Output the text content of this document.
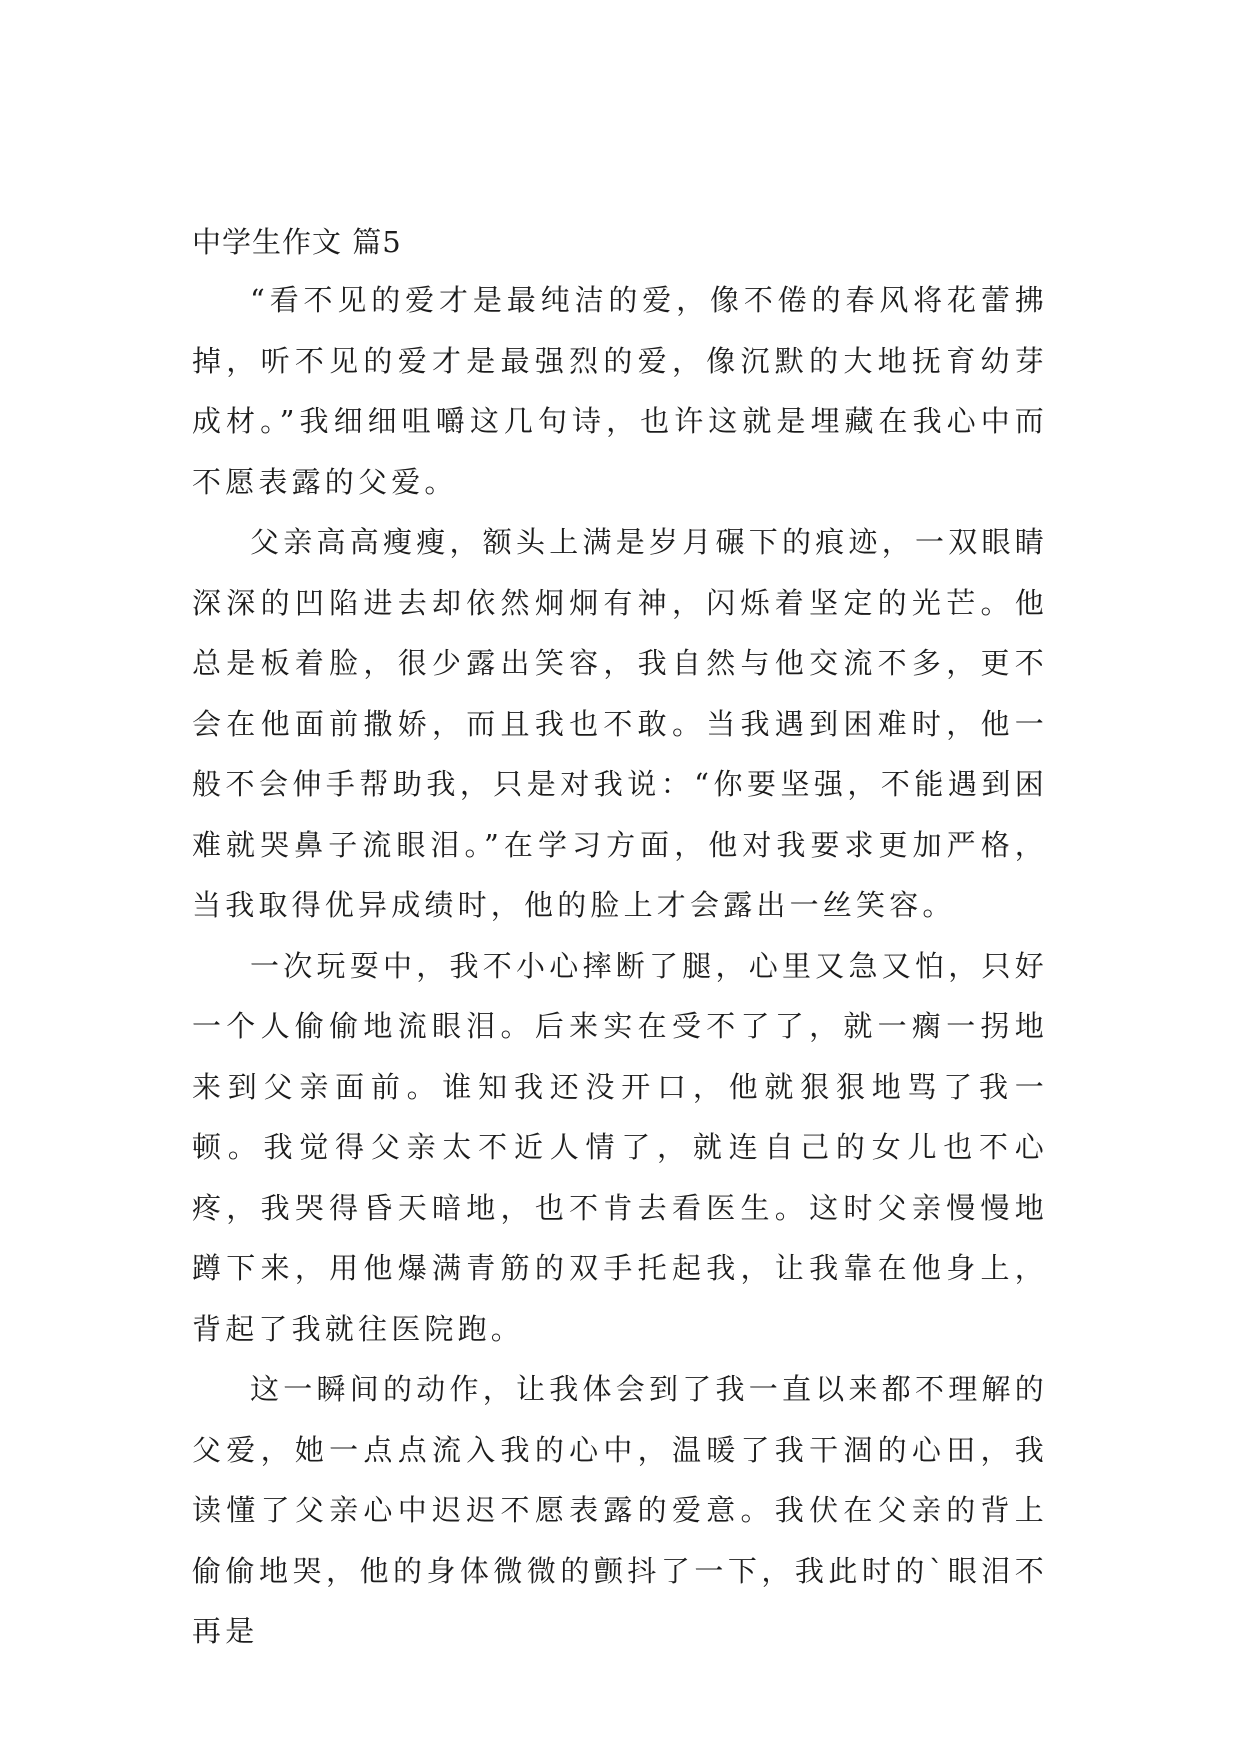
中学生作文 篇5

“看不见的爱才是最纯洁的爱，像不倦的春风将花蕾拂掉，听不见的爱才是最强烈的爱，像沉默的大地抚育幼芽成材。”我细细咀嚼这几句诗，也许这就是埋藏在我心中而不愿表露的父爱。

父亲高高瘦瘦，额头上满是岁月碾下的痕迹，一双眼睛深深的凹陷进去却依然炯炯有神，闪烁着坚定的光芒。他总是板着脸，很少露出笑容，我自然与他交流不多，更不会在他面前撒娇，而且我也不敢。当我遇到困难时，他一般不会伸手帮助我，只是对我说：“你要坚强，不能遇到困难就哭鼻子流眼泪。”在学习方面，他对我要求更加严格，当我取得优异成绩时，他的脸上才会露出一丝笑容。

一次玩耍中，我不小心摔断了腿，心里又急又怕，只好一个人偷偷地流眼泪。后来实在受不了了，就一瘸一拐地来到父亲面前。谁知我还没开口，他就狠狠地骂了我一顿。我觉得父亲太不近人情了，就连自己的女儿也不心疼，我哭得昏天暗地，也不肯去看医生。这时父亲慢慢地蹲下来，用他爆满青筋的双手托起我，让我靠在他身上，背起了我就往医院跑。

这一瞬间的动作，让我体会到了我一直以来都不理解的父爱，她一点点流入我的心中，温暖了我干涸的心田，我读懂了父亲心中迟迟不愿表露的爱意。我伏在父亲的背上偷偷地哭，他的身体微微的颤抖了一下，我此时的`眼泪不再是
